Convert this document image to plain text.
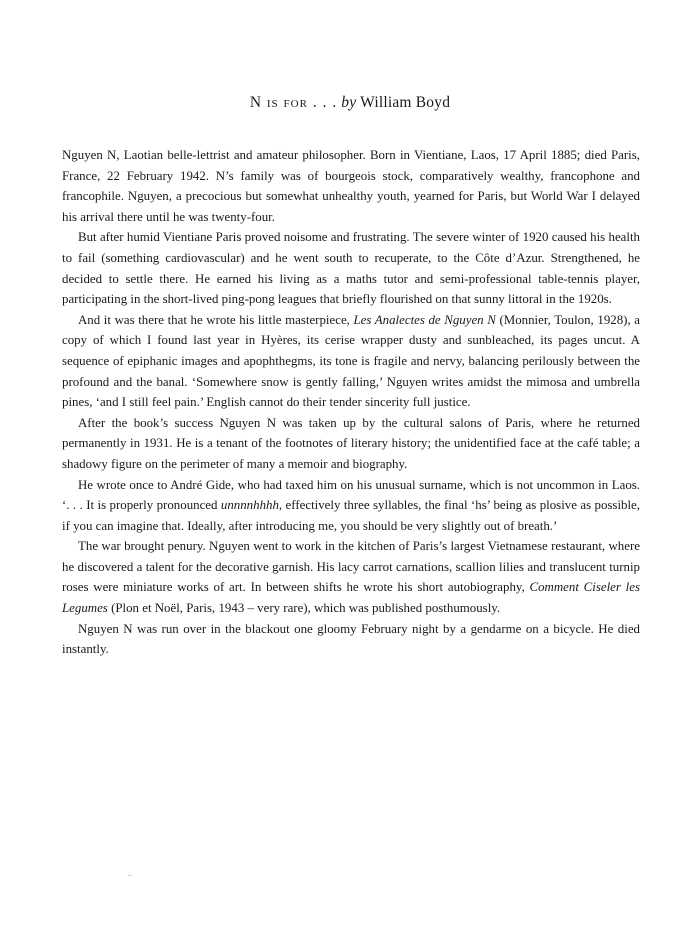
N is for . . . by William Boyd

Nguyen N, Laotian belle-lettrist and amateur philosopher. Born in Vientiane, Laos, 17 April 1885; died Paris, France, 22 February 1942. N’s family was of bourgeois stock, comparatively wealthy, francophone and francophile. Nguyen, a precocious but somewhat unhealthy youth, yearned for Paris, but World War I delayed his arrival there until he was twenty-four.

But after humid Vientiane Paris proved noisome and frustrating. The severe winter of 1920 caused his health to fail (something cardiovascular) and he went south to recuperate, to the Côte d’Azur. Strengthened, he decided to settle there. He earned his living as a maths tutor and semi-professional table-tennis player, participating in the short-lived ping-pong leagues that briefly flourished on that sunny littoral in the 1920s.

And it was there that he wrote his little masterpiece, Les Analectes de Nguyen N (Monnier, Toulon, 1928), a copy of which I found last year in Hyères, its cerise wrapper dusty and sunbleached, its pages uncut. A sequence of epiphanic images and apophthegms, its tone is fragile and nervy, balancing perilously between the profound and the banal. ‘Somewhere snow is gently falling,’ Nguyen writes amidst the mimosa and umbrella pines, ‘and I still feel pain.’ English cannot do their tender sincerity full justice.

After the book’s success Nguyen N was taken up by the cultural salons of Paris, where he returned permanently in 1931. He is a tenant of the footnotes of literary history; the unidentified face at the café table; a shadowy figure on the perimeter of many a memoir and biography.

He wrote once to André Gide, who had taxed him on his unusual surname, which is not uncommon in Laos. ‘. . . It is properly pronounced unnnnhhhh, effectively three syllables, the final ‘hs’ being as plosive as possible, if you can imagine that. Ideally, after introducing me, you should be very slightly out of breath.’

The war brought penury. Nguyen went to work in the kitchen of Paris’s largest Vietnamese restaurant, where he discovered a talent for the decorative garnish. His lacy carrot carnations, scallion lilies and translucent turnip roses were miniature works of art. In between shifts he wrote his short autobiography, Comment Ciseler les Legumes (Plon et Noël, Paris, 1943 – very rare), which was published posthumously.

Nguyen N was run over in the blackout one gloomy February night by a gendarme on a bicycle. He died instantly.
